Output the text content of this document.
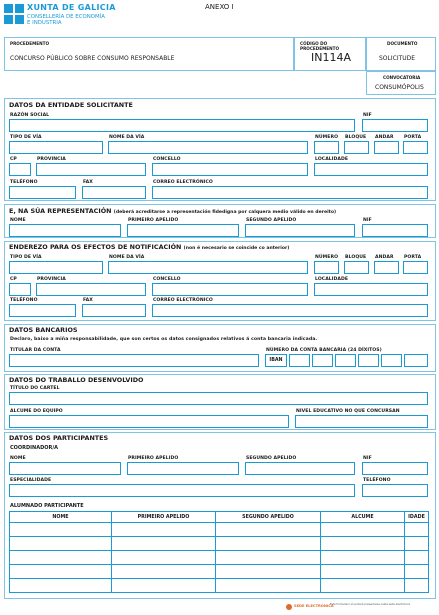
XUNTA DE GALICIA
CONSELLERÍA DE ECONOMÍA
E INDUSTRIA
ANEXO I
PROCEDEMENTO
CONCURSO PÚBLICO SOBRE CONSUMO RESPONSABLE
CÓDIGO DO PROCEDEMENTO
IN114A
DOCUMENTO
SOLICITUDE
CONVOCATORIA
CONSUMÓPOLIS
DATOS DA ENTIDADE SOLICITANTE
RAZÓN SOCIAL	NIF
TIPO DE VÍA	NOME DA VÍA	NÚMERO BLOQUE ANDAR PORTA
CP	PROVINCIA	CONCELLO	LOCALIDADE
TELÉFONO	FAX	CORREO ELECTRÓNICO
E, NA SÚA REPRESENTACIÓN (deberá acreditarse a representación fidedigna por calquera medio válido en dereito)
NOME	PRIMEIRO APELIDO	SEGUNDO APELIDO	NIF
ENDEREZO PARA OS EFECTOS DE NOTIFICACIÓN (non é necesario se coincide co anterior)
TIPO DE VÍA	NOME DA VÍA	NÚMERO BLOQUE ANDAR PORTA
CP	PROVINCIA	CONCELLO	LOCALIDADE
TELÉFONO	FAX	CORREO ELECTRÓNICO
DATOS BANCARIOS
Declaro, baixo a miña responsabilidade, que son certos os datos consignados relativos á conta bancaria indicada.
TITULAR DA CONTA	NÚMERO DA CONTA BANCARIA (24 DÍXITOS)
IBAN
DATOS DO TRABALLO DESENVOLVIDO
TÍTULO DO CARTEL
ALCUME DO EQUIPO	NIVEL EDUCATIVO NO QUE CONCURSAN
DATOS DOS PARTICIPANTES
COORDINADOR/A
NOME	PRIMEIRO APELIDO	SEGUNDO APELIDO	NIF
ESPECIALIDADE	TELÉFONO
ALUMNADO PARTICIPANTE
NOME	PRIMEIRO APELIDO	SEGUNDO APELIDO	ALCUME	IDADE

SEDE ELECTRÓNICA
Este formulario só poderá presentarse nesta sede electrónica
